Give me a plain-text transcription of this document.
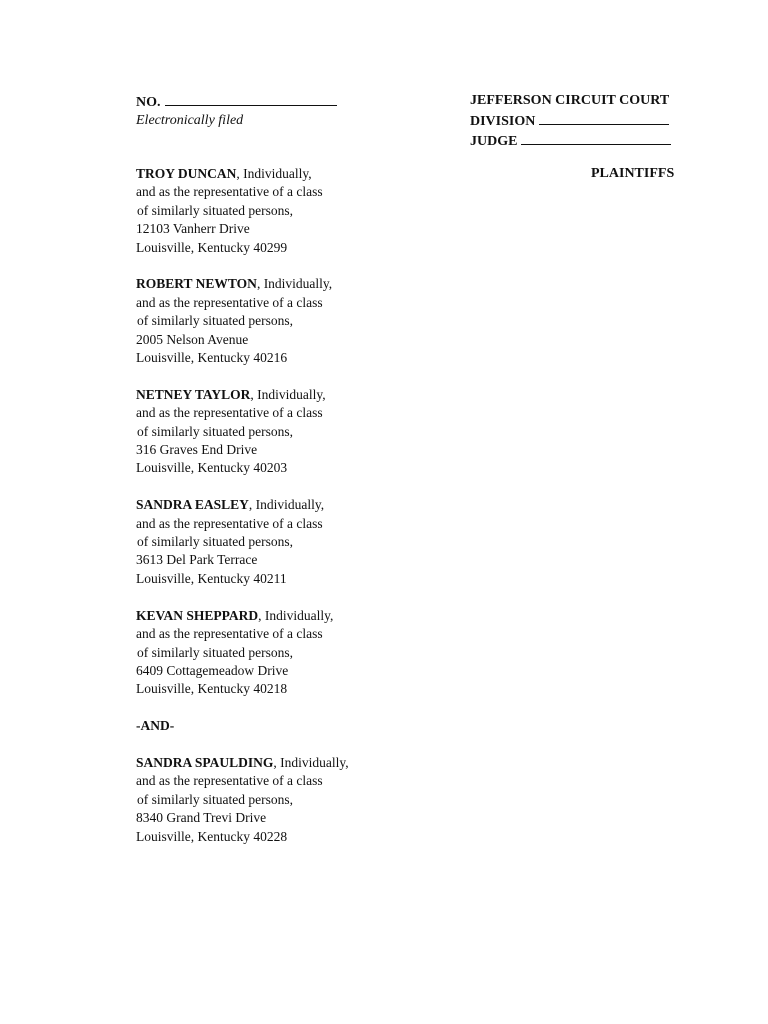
NO.
Electronically filed
JEFFERSON CIRCUIT COURT
DIVISION
JUDGE
PLAINTIFFS
TROY DUNCAN, Individually,
and as the representative of a class
of similarly situated persons,
12103 Vanherr Drive
Louisville, Kentucky 40299
ROBERT NEWTON, Individually,
and as the representative of a class
of similarly situated persons,
2005 Nelson Avenue
Louisville, Kentucky 40216
NETNEY TAYLOR, Individually,
and as the representative of a class
of similarly situated persons,
316 Graves End Drive
Louisville, Kentucky 40203
SANDRA EASLEY, Individually,
and as the representative of a class
of similarly situated persons,
3613 Del Park Terrace
Louisville, Kentucky 40211
KEVAN SHEPPARD, Individually,
and as the representative of a class
of similarly situated persons,
6409 Cottagemeadow Drive
Louisville, Kentucky 40218
-AND-
SANDRA SPAULDING, Individually,
and as the representative of a class
of similarly situated persons,
8340 Grand Trevi Drive
Louisville, Kentucky 40228
